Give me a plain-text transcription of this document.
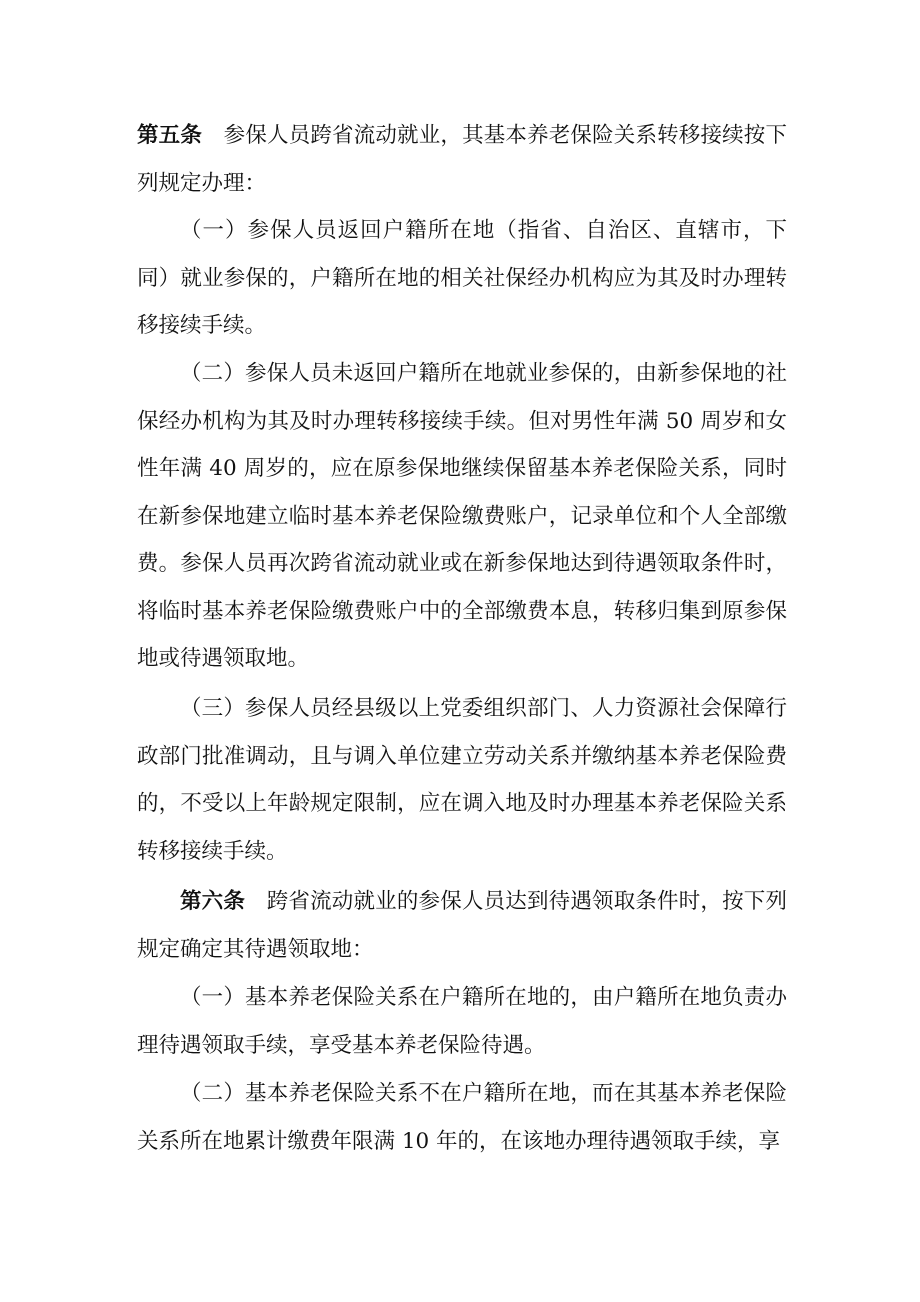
第五条 参保人员跨省流动就业，其基本养老保险关系转移接续按下列规定办理：

（一）参保人员返回户籍所在地（指省、自治区、直辖市，下同）就业参保的，户籍所在地的相关社保经办机构应为其及时办理转移接续手续。

（二）参保人员未返回户籍所在地就业参保的，由新参保地的社保经办机构为其及时办理转移接续手续。但对男性年满 50 周岁和女性年满 40 周岁的，应在原参保地继续保留基本养老保险关系，同时在新参保地建立临时基本养老保险缴费账户，记录单位和个人全部缴费。参保人员再次跨省流动就业或在新参保地达到待遇领取条件时，将临时基本养老保险缴费账户中的全部缴费本息，转移归集到原参保地或待遇领取地。

（三）参保人员经县级以上党委组织部门、人力资源社会保障行政部门批准调动，且与调入单位建立劳动关系并缴纳基本养老保险费的，不受以上年龄规定限制，应在调入地及时办理基本养老保险关系转移接续手续。

第六条 跨省流动就业的参保人员达到待遇领取条件时，按下列规定确定其待遇领取地：

（一）基本养老保险关系在户籍所在地的，由户籍所在地负责办理待遇领取手续，享受基本养老保险待遇。

（二）基本养老保险关系不在户籍所在地，而在其基本养老保险关系所在地累计缴费年限满 10 年的，在该地办理待遇领取手续，享
